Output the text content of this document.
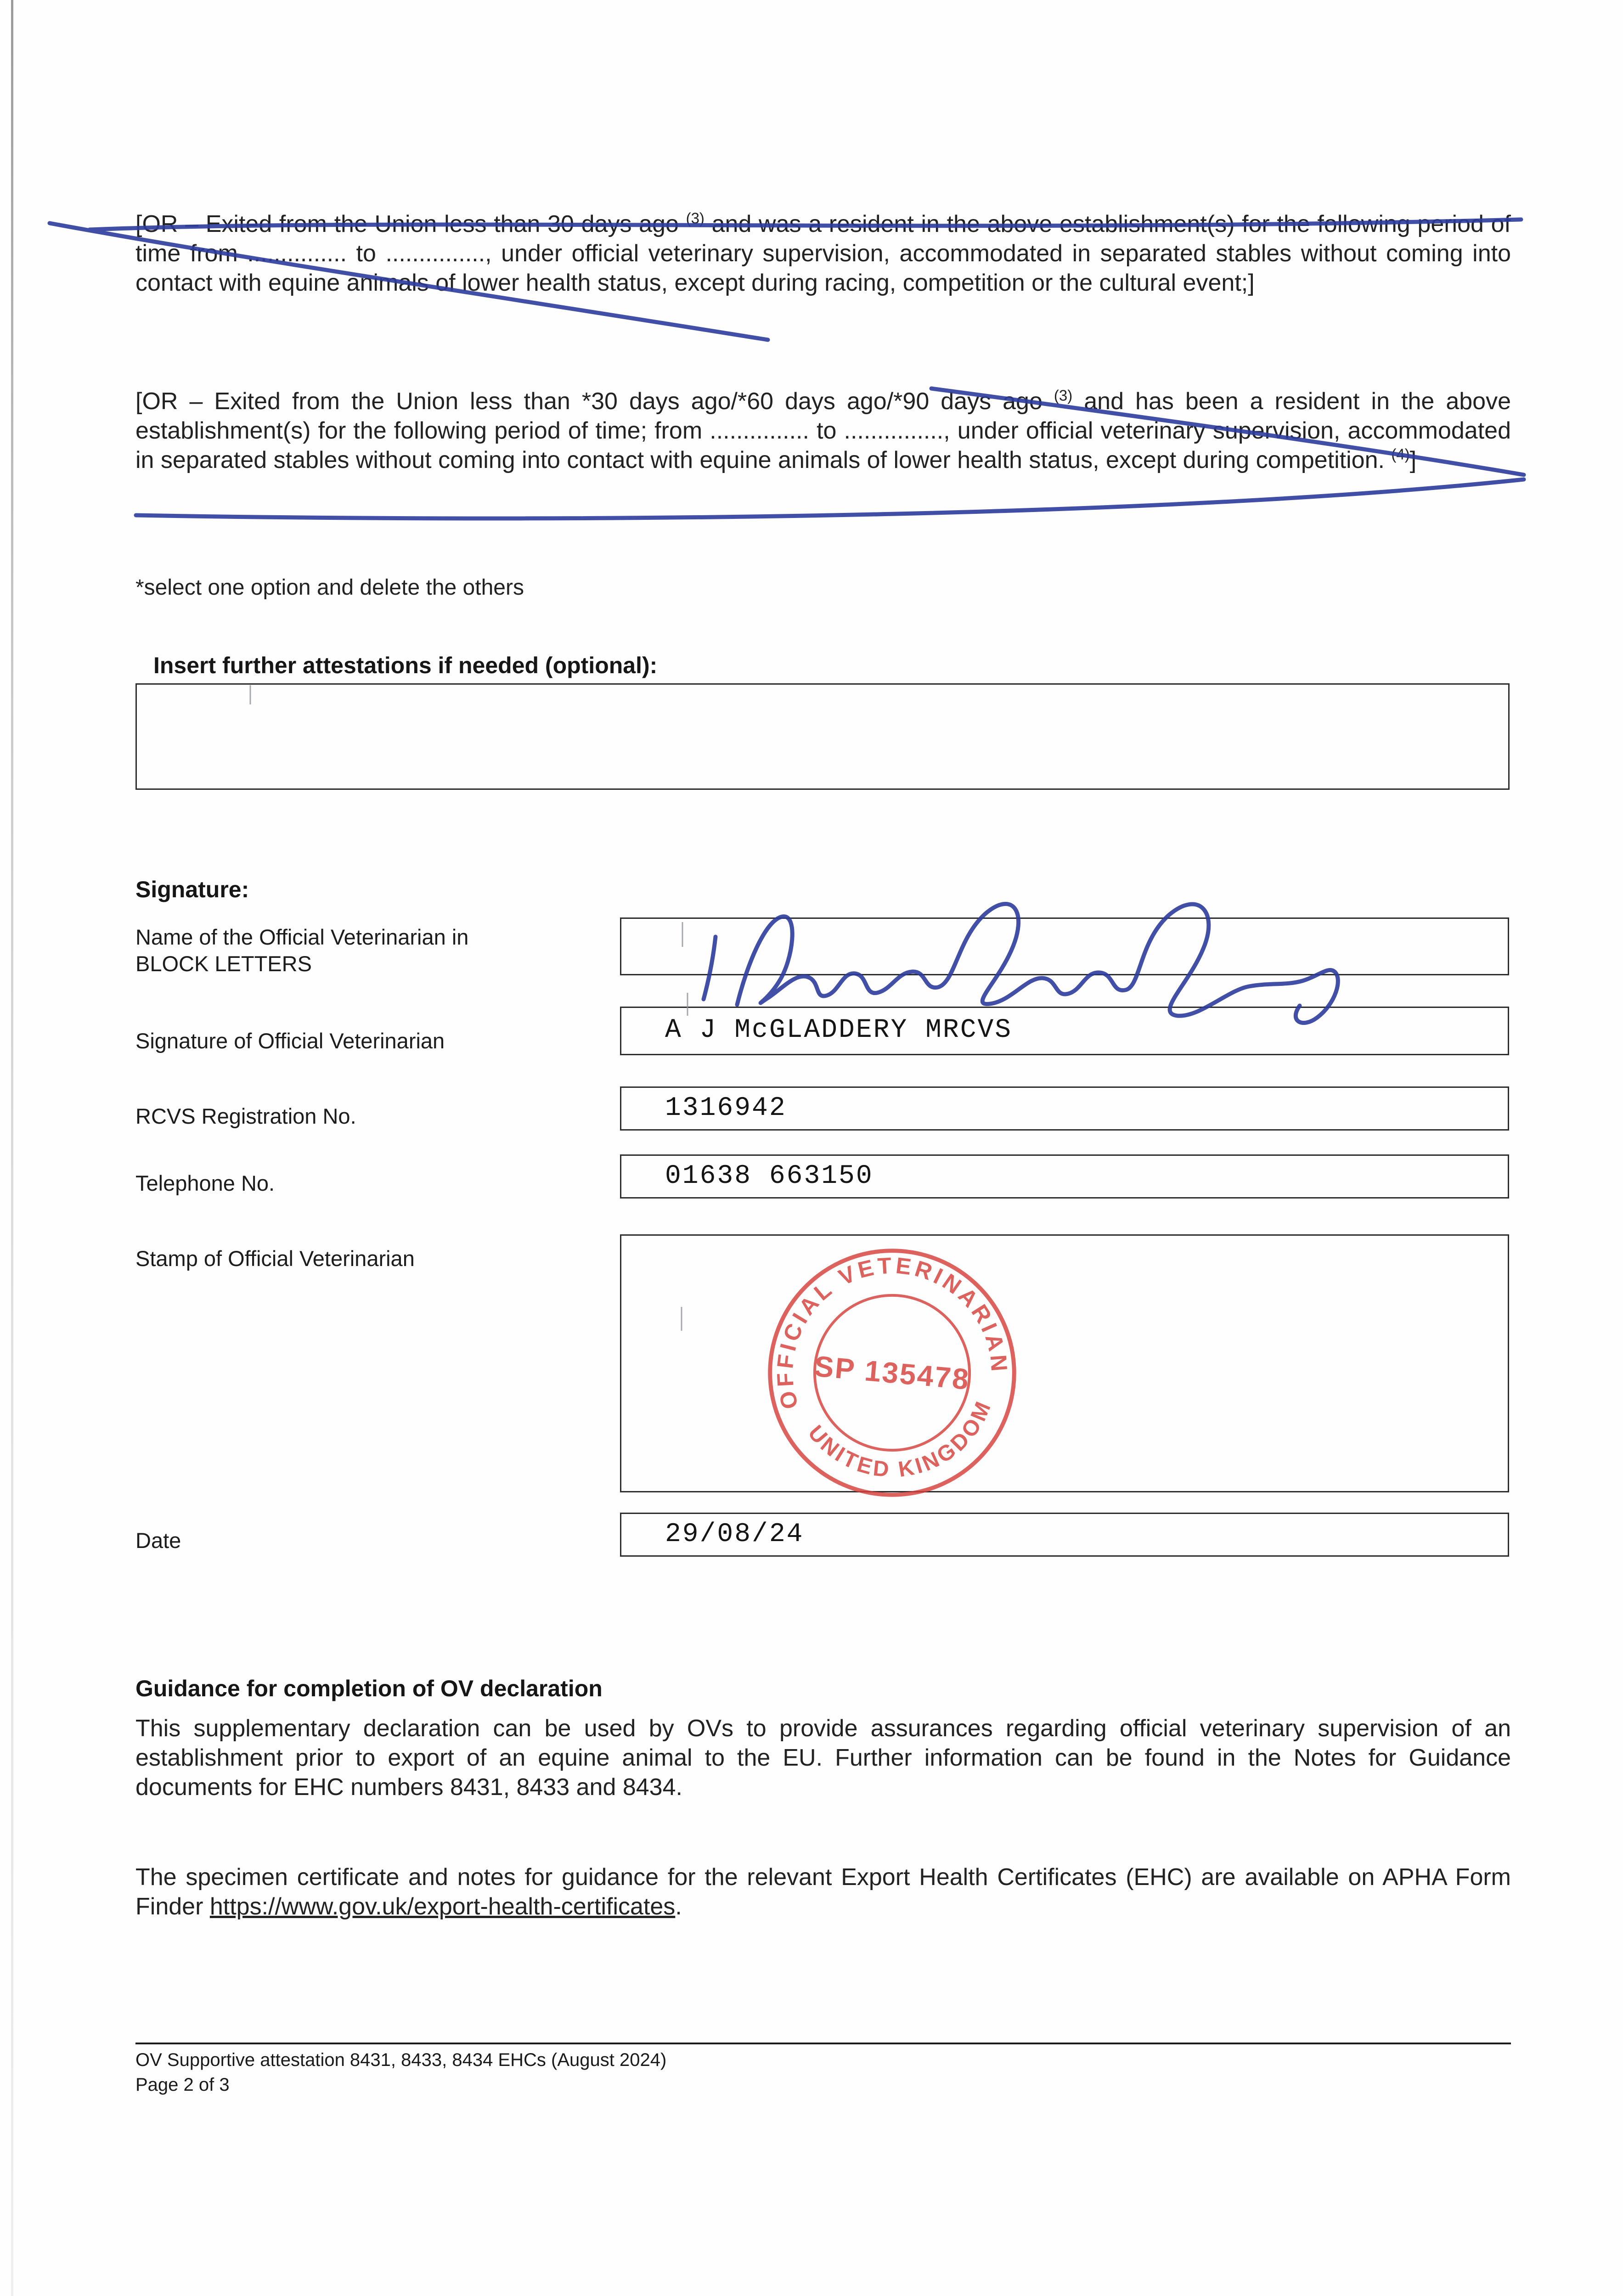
[OR – Exited from the Union less than 30 days ago $^{(3)}$ and was a resident in the above establishment(s) for the following period of time from ............... to ..............., under official veterinary supervision, accommodated in separated stables without coming into contact with equine animals of lower health status, except during racing, competition or the cultural event;]

[OR – Exited from the Union less than *30 days ago/*60 days ago/*90 days ago $^{(3)}$ and has been a resident in the above establishment(s) for the following period of time; from ............... to ..............., under official veterinary supervision, accommodated in separated stables without coming into contact with equine animals of lower health status, except during competition. $^{(4)}$]

*select one option and delete the others
Insert further attestations if needed (optional):
Signature:
Name of the Official Veterinarian in BLOCK LETTERS
Signature of Official Veterinarian	A J McGLADDERY MRCVS
RCVS Registration No.	1316942
Telephone No.	01638 663150
Stamp of Official Veterinarian
Date	29/08/24
OFFICIAL VETERINARIAN
UNITED KINGDOM
SP 135478
Guidance for completion of OV declaration

This supplementary declaration can be used by OVs to provide assurances regarding official veterinary supervision of an establishment prior to export of an equine animal to the EU. Further information can be found in the Notes for Guidance documents for EHC numbers 8431, 8433 and 8434.

The specimen certificate and notes for guidance for the relevant Export Health Certificates (EHC) are available on APHA Form Finder https://www.gov.uk/export-health-certificates.

OV Supportive attestation 8431, 8433, 8434 EHCs (August 2024)
Page 2 of 3
